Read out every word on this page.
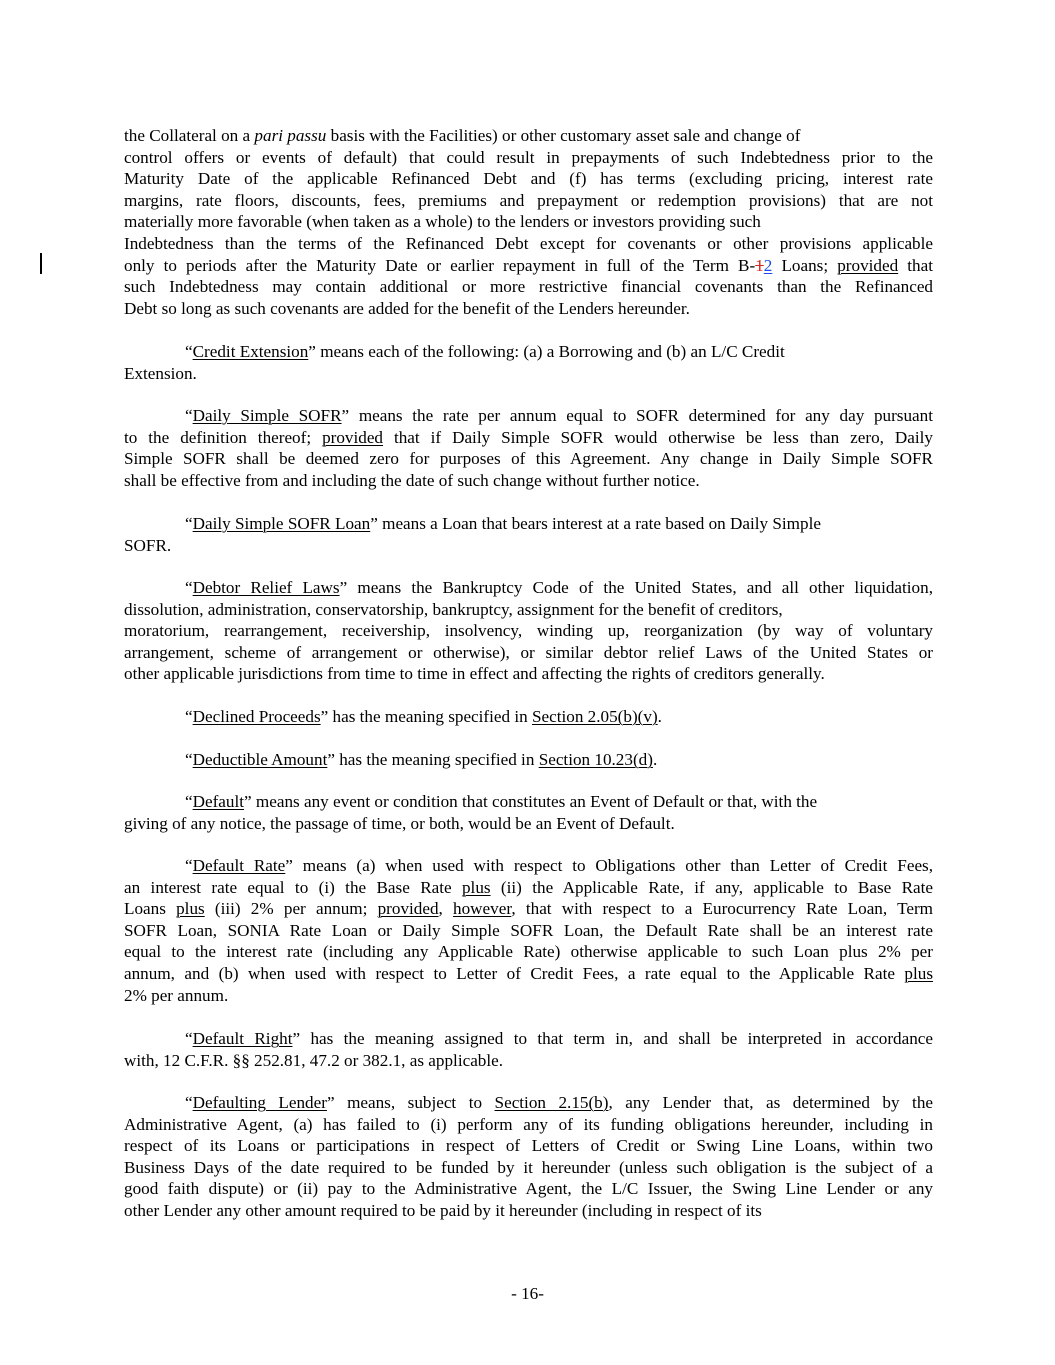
the Collateral on a pari passu basis with the Facilities) or other customary asset sale and change of
control offers or events of default) that could result in prepayments of such Indebtedness prior to the
Maturity Date of the applicable Refinanced Debt and (f) has terms (excluding pricing, interest rate
margins, rate floors, discounts, fees, premiums and prepayment or redemption provisions) that are not
materially more favorable (when taken as a whole) to the lenders or investors providing such
Indebtedness than the terms of the Refinanced Debt except for covenants or other provisions applicable
only to periods after the Maturity Date or earlier repayment in full of the Term B-12 Loans; provided that
such Indebtedness may contain additional or more restrictive financial covenants than the Refinanced
Debt so long as such covenants are added for the benefit of the Lenders hereunder.
“Credit Extension” means each of the following: (a) a Borrowing and (b) an L/C Credit
Extension.
“Daily Simple SOFR” means the rate per annum equal to SOFR determined for any day pursuant
to the definition thereof; provided that if Daily Simple SOFR would otherwise be less than zero, Daily
Simple SOFR shall be deemed zero for purposes of this Agreement. Any change in Daily Simple SOFR
shall be effective from and including the date of such change without further notice.
“Daily Simple SOFR Loan” means a Loan that bears interest at a rate based on Daily Simple
SOFR.
“Debtor Relief Laws” means the Bankruptcy Code of the United States, and all other liquidation,
dissolution, administration, conservatorship, bankruptcy, assignment for the benefit of creditors,
moratorium, rearrangement, receivership, insolvency, winding up, reorganization (by way of voluntary
arrangement, scheme of arrangement or otherwise), or similar debtor relief Laws of the United States or
other applicable jurisdictions from time to time in effect and affecting the rights of creditors generally.
“Declined Proceeds” has the meaning specified in Section 2.05(b)(v).
“Deductible Amount” has the meaning specified in Section 10.23(d).
“Default” means any event or condition that constitutes an Event of Default or that, with the
giving of any notice, the passage of time, or both, would be an Event of Default.
“Default Rate” means (a) when used with respect to Obligations other than Letter of Credit Fees,
an interest rate equal to (i) the Base Rate plus (ii) the Applicable Rate, if any, applicable to Base Rate
Loans plus (iii) 2% per annum; provided, however, that with respect to a Eurocurrency Rate Loan, Term
SOFR Loan, SONIA Rate Loan or Daily Simple SOFR Loan, the Default Rate shall be an interest rate
equal to the interest rate (including any Applicable Rate) otherwise applicable to such Loan plus 2% per
annum, and (b) when used with respect to Letter of Credit Fees, a rate equal to the Applicable Rate plus
2% per annum.
“Default Right” has the meaning assigned to that term in, and shall be interpreted in accordance
with, 12 C.F.R. §§ 252.81, 47.2 or 382.1, as applicable.
“Defaulting Lender” means, subject to Section 2.15(b), any Lender that, as determined by the
Administrative Agent, (a) has failed to (i) perform any of its funding obligations hereunder, including in
respect of its Loans or participations in respect of Letters of Credit or Swing Line Loans, within two
Business Days of the date required to be funded by it hereunder (unless such obligation is the subject of a
good faith dispute) or (ii) pay to the Administrative Agent, the L/C Issuer, the Swing Line Lender or any
other Lender any other amount required to be paid by it hereunder (including in respect of its
- 16-
